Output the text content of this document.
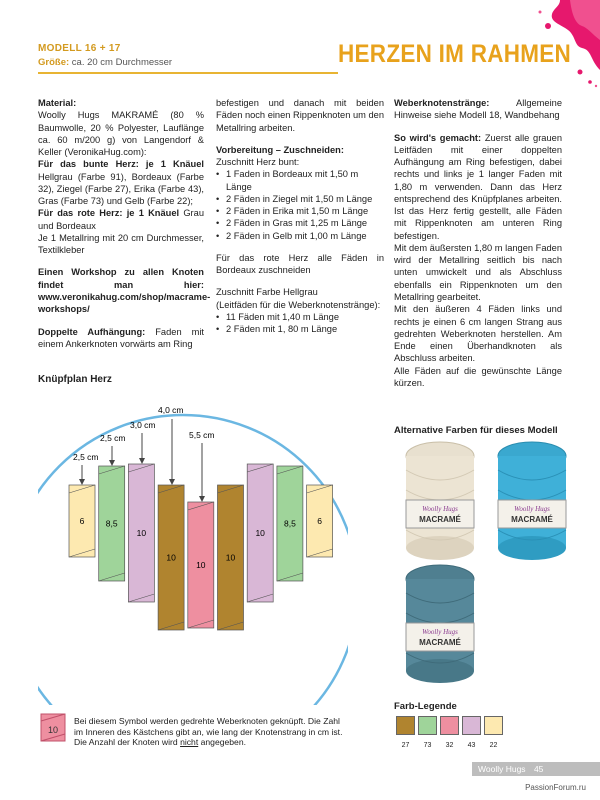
MODELL 16 + 17
Größe: ca. 20 cm Durchmesser	HERZEN IM RAHMEN
Material:
Woolly Hugs MAKRAMÉ (80 % Baumwolle, 20 % Polyester, Lauflänge ca. 60 m/200 g) von Langendorf & Keller (VeronikaHug.com):
Für das bunte Herz: je 1 Knäuel Hellgrau (Farbe 91), Bordeaux (Farbe 32), Ziegel (Farbe 27), Erika (Farbe 43), Gras (Farbe 73) und Gelb (Farbe 22);
Für das rote Herz: je 1 Knäuel Grau und Bordeaux
Je 1 Metallring mit 20 cm Durchmesser, Textilkleber

Einen Workshop zu allen Knoten findet man hier: www.veronikahug.com/shop/macrame-workshops/

Doppelte Aufhängung: Faden mit einem Ankerknoten vorwärts am Ring

befestigen und danach mit beiden Fäden noch einen Rippenknoten um den Metallring arbeiten.

Vorbereitung – Zuschneiden:
Zuschnitt Herz bunt:
• 1 Faden in Bordeaux mit 1,50 m Länge
• 2 Fäden in Ziegel mit 1,50 m Länge
• 2 Fäden in Erika mit 1,50 m Länge
• 2 Fäden in Gras mit 1,25 m Länge
• 2 Fäden in Gelb mit 1,00 m Länge

Für das rote Herz alle Fäden in Bordeaux zuschneiden

Zuschnitt Farbe Hellgrau
(Leitfäden für die Weberknotenstränge):
• 11 Fäden mit 1,40 m Länge
• 2 Fäden mit 1, 80 m Länge

Weberknotenstränge:	Allgemeine Hinweise siehe Modell 18, Wandbehang

So wird's gemacht: Zuerst alle grauen Leitfäden mit einer doppelten Aufhängung am Ring befestigen, dabei rechts und links je 1 langer Faden mit 1,80 m verwenden. Dann das Herz entsprechend des Knüpfplanes arbeiten. Ist das Herz fertig gestellt, alle Fäden mit Rippenknoten am unteren Ring befestigen.
Mit dem äußersten 1,80 m langen Faden wird der Metallring seitlich bis nach unten umwickelt und als Abschluss ebenfalls ein Rippenknoten um den Metallring gearbeitet.
Mit den äußeren 4 Fäden links und rechts je einen 6 cm langen Strang aus gedrehten Weberknoten herstellen. Am Ende einen Überhandknoten als Abschluss arbeiten.
Alle Fäden auf die gewünschte Länge kürzen.
Knüpfplan Herz
6	8,5
10
10
10
10
10
8,5	6
2,5 cm
2,5 cm
3,0 cm
4,0 cm
5,5 cm
10
Bei diesem Symbol werden gedrehte Weberknoten geknüpft. Die Zahl im Inneren des Kästchens gibt an, wie lang der Knotenstrang in cm ist. Die Anzahl der Knoten wird nicht angegeben.
Alternative Farben für dieses Modell
Woolly Hugs
MACRAMÉ
Woolly Hugs
MACRAMÉ
Woolly Hugs
MACRAMÉ
Farb-Legende
27	73	32	43	22
Woolly Hugs 45
PassionForum.ru
